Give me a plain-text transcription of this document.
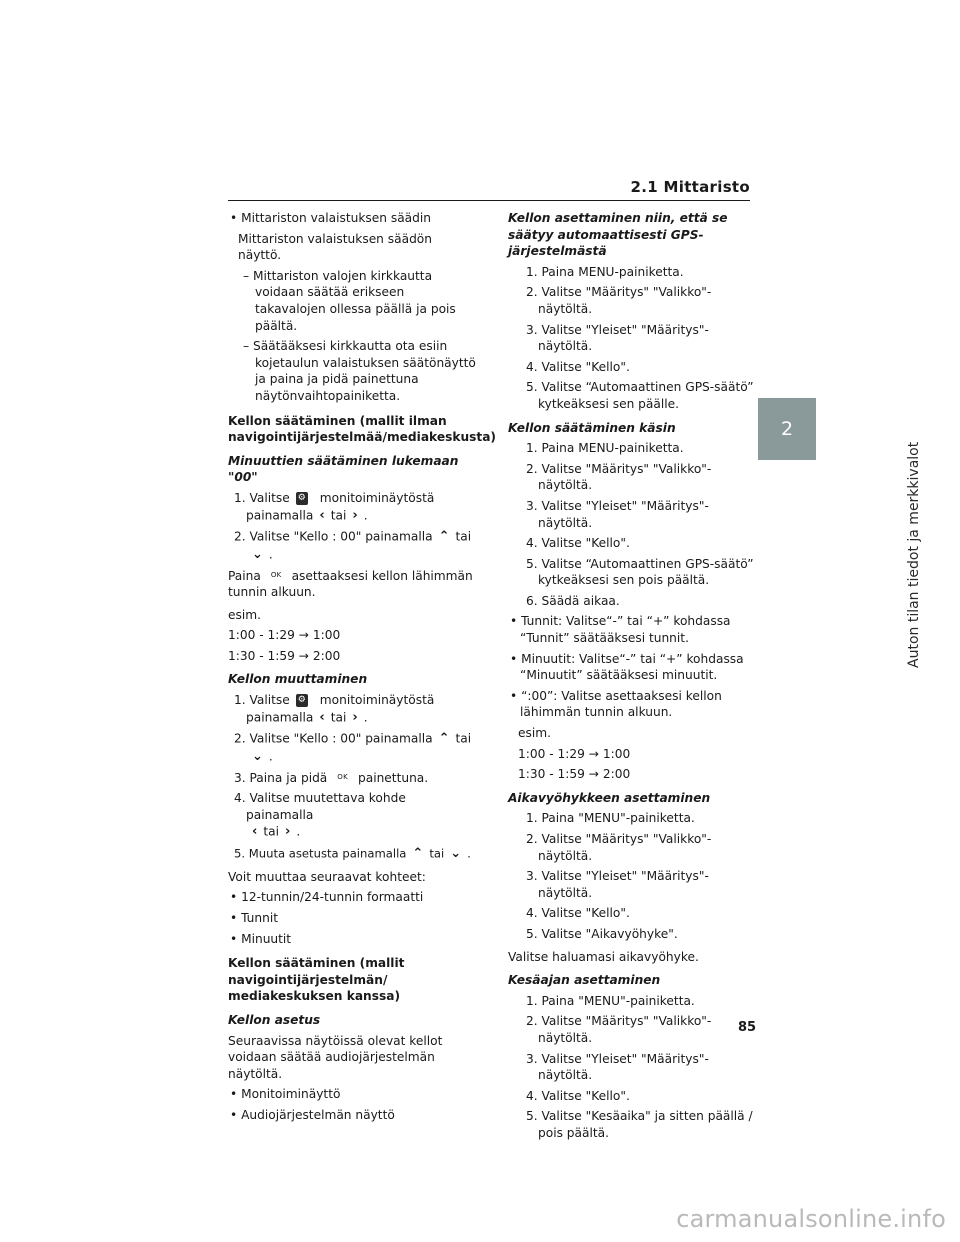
2.1 Mittaristo
2
Auton tilan tiedot ja merkkivalot

• Mittariston valaistuksen säädin

Mittariston valaistuksen säädön näyttö.

– Mittariston valojen kirkkautta voidaan säätää erikseen takavalojen ollessa päällä ja pois päältä.

– Säätääksesi kirkkautta ota esiin kojetaulun valaistuksen säätönäyttö ja paina ja pidä painettuna näytönvaihtopainiketta.

Kellon säätäminen (mallit ilman navigointijärjestelmää/mediakeskusta)

Minuuttien säätäminen lukemaan "00"

1. Valitse ⚙ monitoiminäytöstä painamalla ‹ tai › .

2. Valitse "Kello : 00" painamalla ⌃ tai
⌄ .

Paina OK asettaaksesi kellon lähimmän tunnin alkuun.

esim.

1:00 - 1:29 → 1:00

1:30 - 1:59 → 2:00

Kellon muuttaminen

1. Valitse ⚙ monitoiminäytöstä painamalla ‹ tai › .

2. Valitse "Kello : 00" painamalla ⌃ tai
⌄ .

3. Paina ja pidä OK painettuna.

4. Valitse muutettava kohde painamalla
‹ tai › .

5. Muuta asetusta painamalla ⌃ tai ⌄ .

Voit muuttaa seuraavat kohteet:

• 12-tunnin/24-tunnin formaatti

• Tunnit

• Minuutit

Kellon säätäminen (mallit navigointijärjestelmän/ mediakeskuksen kanssa)

Kellon asetus

Seuraavissa näytöissä olevat kellot voidaan säätää audiojärjestelmän näytöltä.

• Monitoiminäyttö

• Audiojärjestelmän näyttö

Kellon asettaminen niin, että se säätyy automaattisesti GPS-järjestelmästä

1. Paina MENU-painiketta.

2. Valitse "Määritys" "Valikko"-näytöltä.

3. Valitse "Yleiset" "Määritys"-näytöltä.

4. Valitse "Kello".

5. Valitse “Automaattinen GPS-säätö” kytkeäksesi sen päälle.

Kellon säätäminen käsin

1. Paina MENU-painiketta.

2. Valitse "Määritys" "Valikko"-näytöltä.

3. Valitse "Yleiset" "Määritys"-näytöltä.

4. Valitse "Kello".

5. Valitse “Automaattinen GPS-säätö” kytkeäksesi sen pois päältä.

6. Säädä aikaa.

• Tunnit: Valitse“-” tai “+” kohdassa “Tunnit” säätääksesi tunnit.

• Minuutit: Valitse“-” tai “+” kohdassa “Minuutit” säätääksesi minuutit.

• “:00”: Valitse asettaaksesi kellon lähimmän tunnin alkuun.

esim.

1:00 - 1:29 → 1:00

1:30 - 1:59 → 2:00

Aikavyöhykkeen asettaminen

1. Paina "MENU"-painiketta.

2. Valitse "Määritys" "Valikko"-näytöltä.

3. Valitse "Yleiset" "Määritys"-näytöltä.

4. Valitse "Kello".

5. Valitse "Aikavyöhyke".

Valitse haluamasi aikavyöhyke.

Kesäajan asettaminen

1. Paina "MENU"-painiketta.

2. Valitse "Määritys" "Valikko"-näytöltä.

3. Valitse "Yleiset" "Määritys"-näytöltä.

4. Valitse "Kello".

5. Valitse "Kesäaika" ja sitten päällä / pois päältä.

85
carmanualsonline.info
